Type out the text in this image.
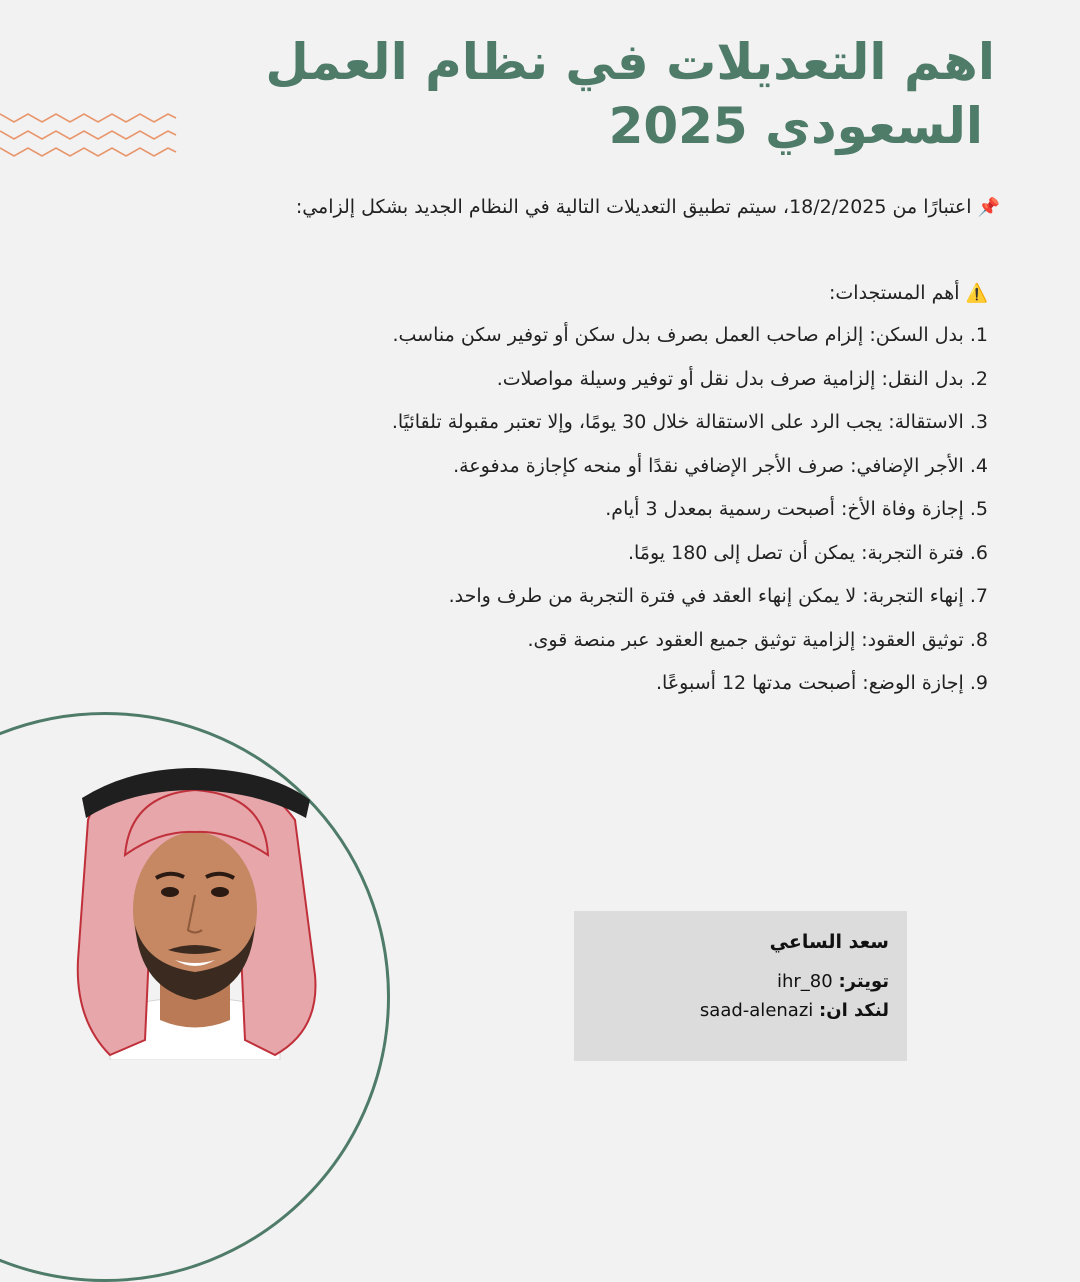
اهم التعديلات في نظام العمل
السعودي 2025
📌 اعتبارًا من 18/2/2025، سيتم تطبيق التعديلات التالية في النظام الجديد بشكل إلزامي:
⚠️ أهم المستجدات:
1. بدل السكن: إلزام صاحب العمل بصرف بدل سكن أو توفير سكن مناسب.
2. بدل النقل: إلزامية صرف بدل نقل أو توفير وسيلة مواصلات.
3. الاستقالة: يجب الرد على الاستقالة خلال 30 يومًا، وإلا تعتبر مقبولة تلقائيًا.
4. الأجر الإضافي: صرف الأجر الإضافي نقدًا أو منحه كإجازة مدفوعة.
5. إجازة وفاة الأخ: أصبحت رسمية بمعدل 3 أيام.
6. فترة التجربة: يمكن أن تصل إلى 180 يومًا.
7. إنهاء التجربة: لا يمكن إنهاء العقد في فترة التجربة من طرف واحد.
8. توثيق العقود: إلزامية توثيق جميع العقود عبر منصة قوى.
9. إجازة الوضع: أصبحت مدتها 12 أسبوعًا.
سعد الساعي
تويتر: ihr_80
لنكد ان: saad-alenazi
